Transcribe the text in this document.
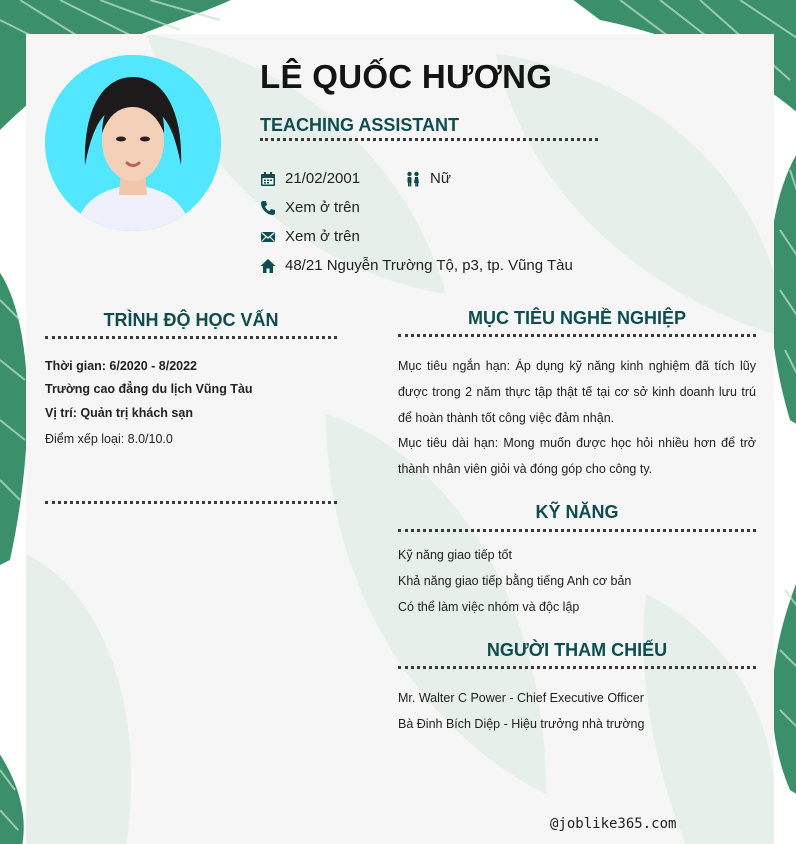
LÊ QUỐC HƯƠNG
TEACHING ASSISTANT
21/02/2001	Nữ
Xem ở trên
Xem ở trên
48/21 Nguyễn Trường Tộ, p3, tp. Vũng Tàu
TRÌNH ĐỘ HỌC VẤN
Thời gian: 6/2020 - 8/2022
Trường cao đẳng du lịch Vũng Tàu
Vị trí: Quản trị khách sạn
Điểm xếp loại: 8.0/10.0
MỤC TIÊU NGHỀ NGHIỆP
Mục tiêu ngắn hạn: Áp dụng kỹ năng kinh nghiệm đã tích lũy được trong 2 năm thực tập thật tế tại cơ sở kinh doanh lưu trú để hoàn thành tốt công việc đảm nhận.
Mục tiêu dài hạn: Mong muốn được học hỏi nhiều hơn để trở thành nhân viên giỏi và đóng góp cho công ty.
KỸ NĂNG
Kỹ năng giao tiếp tốt
Khả năng giao tiếp bằng tiếng Anh cơ bản
Có thể làm việc nhóm và độc lập
NGƯỜI THAM CHIẾU
Mr. Walter C Power - Chief Executive Officer
Bà Đinh Bích Diệp - Hiệu trưởng nhà trường
@joblike365.com
